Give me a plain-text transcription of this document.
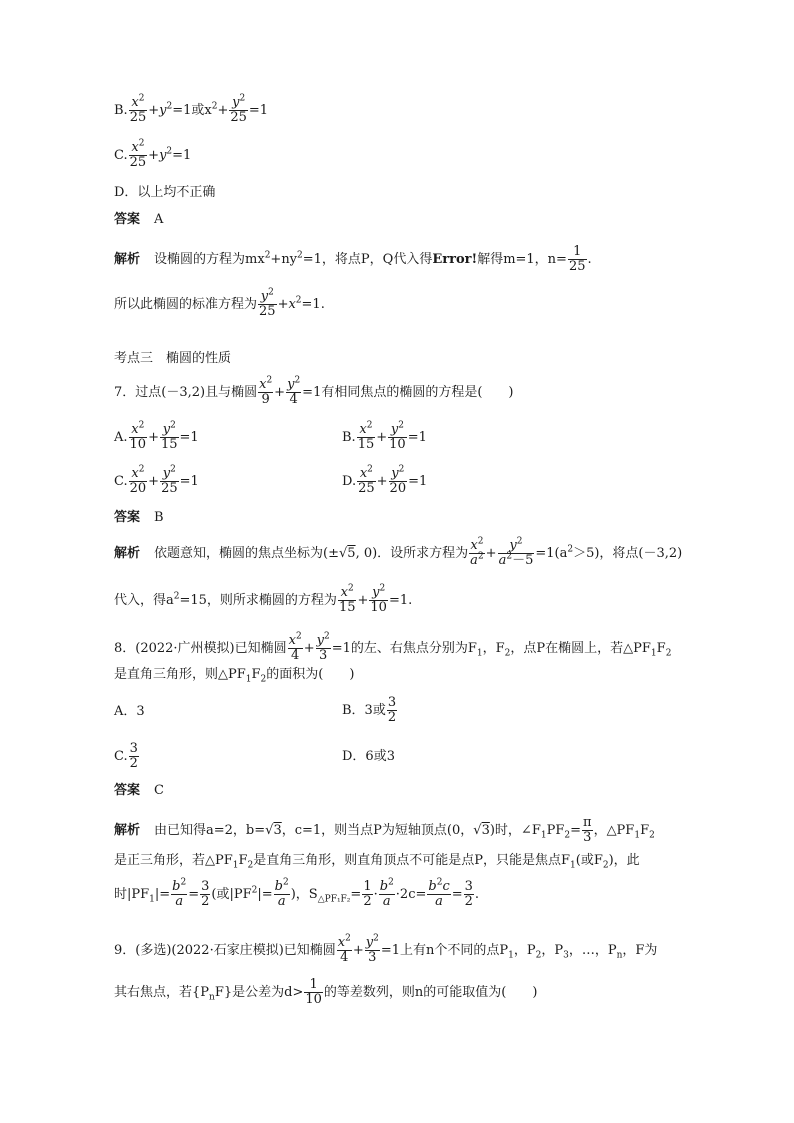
B. $\frac{x^2}{25} +y^2=1$或$x^2+ \frac{y^2}{25} =1$
C. $\frac{x^2}{25} +y^2=1$
D．以上均不正确
答案 A
解析 设椭圆的方程为$mx^2+ny^2=1$，将点P，Q代入得Error!解得m=1，$n= \frac{1}{25}$ .
所以此椭圆的标准方程为 $\frac{y^2}{25} +x^2=1$.
考点三　椭圆的性质
7．过点(－3,2)且与椭圆 $\frac{x^2}{9} + \frac{y^2}{4} =1$有相同焦点的椭圆的方程是(　　)
A. $\frac{x^2}{10} + \frac{y^2}{15} =1$	B. $\frac{x^2}{15} + \frac{y^2}{10} =1$
C. $\frac{x^2}{20} + \frac{y^2}{25} =1$	D. $\frac{x^2}{25} + \frac{y^2}{20} =1$
答案 B
解析 依题意知，椭圆的焦点坐标为(±√5, 0)．设所求方程为 $\frac{x^2}{a^2} + \frac{y^2}{a^2-5} =1(a^2>5)$，将点(－3,2)
代入，得$a^2=15$，则所求椭圆的方程为 $\frac{x^2}{15} + \frac{y^2}{10} =1$.
8．(2022·广州模拟)已知椭圆 $\frac{x^2}{4} + \frac{y^2}{3} =1$的左、右焦点分别为$F_1$，$F_2$，点P在椭圆上，若$\triangle PF_1F_2$
是直角三角形，则$\triangle PF_1F_2$的面积为(　　)
A．3	B．3或 $\frac{3}{2}$
C. $\frac{3}{2}$	D．6或3
答案 C
解析 由已知得a=2，b=√3，c=1，则当点P为短轴顶点(0，√3)时，$\angle F_1PF_2= \frac{\pi}{3}$ ，$\triangle PF_1F_2$
是正三角形，若$\triangle PF_1F_2$是直角三角形，则直角顶点不可能是点P，只能是焦点$F_1$(或$F_2$)，此
时$|PF_1|= \frac{b^2}{a}= \frac{3}{2}$ (或$|PF^2|= \frac{b^2}{a}$)，$S_{\triangle PF_1F_2}= \frac{1}{2} \cdot \frac{b^2}{a}\cdot 2c= \frac{b^2c}{a}= \frac{3}{2}$ .
9．(多选)(2022·石家庄模拟)已知椭圆 $\frac{x^2}{4} + \frac{y^2}{3} =1$上有n个不同的点$P_1$，$P_2$，$P_3$，…，$P_n$，F为
其右焦点，若$\{P_nF\}$是公差为$d> \frac{1}{10}$ 的等差数列，则n的可能取值为(　　)
